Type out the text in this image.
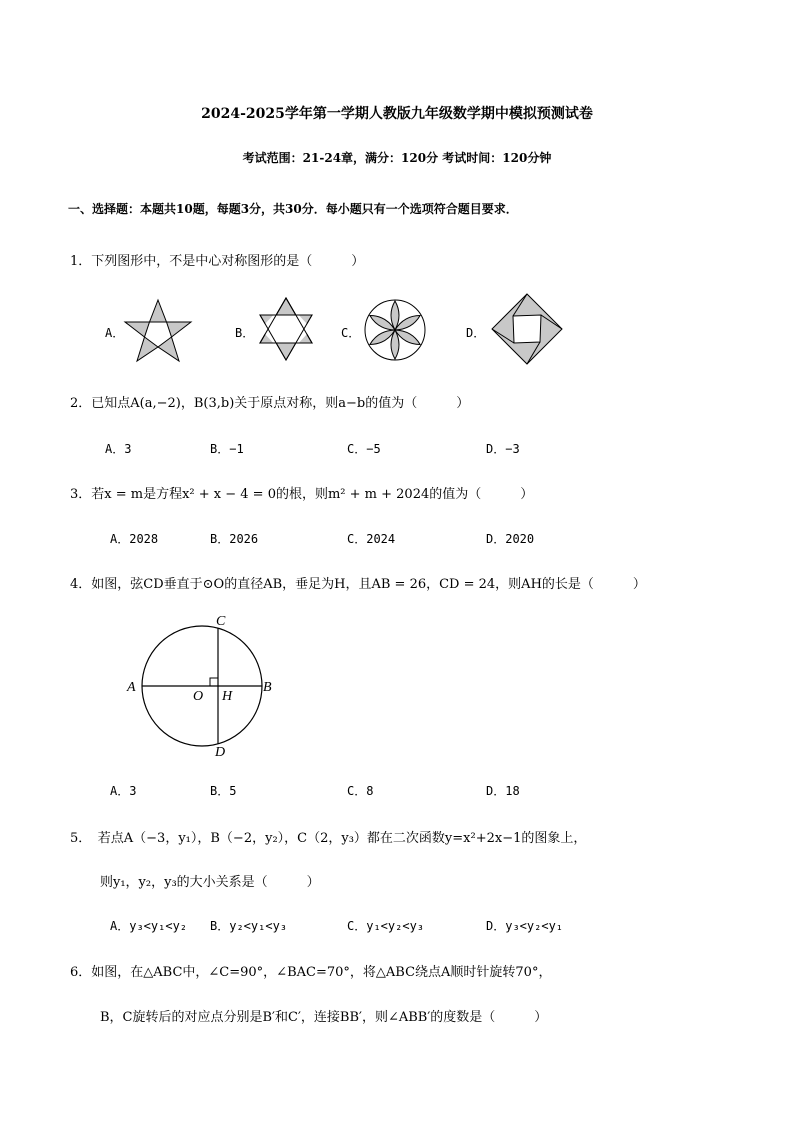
2024-2025学年第一学期人教版九年级数学期中模拟预测试卷
考试范围：21-24章，满分：120分 考试时间：120分钟
一、选择题：本题共10题，每题3分，共30分．每小题只有一个选项符合题目要求．
1．下列图形中，不是中心对称图形的是（　　　）
A．	B．	C．	D．
2．已知点A(a,−2)，B(3,b)关于原点对称，则a−b的值为（　　　）
A．3	B．−1	C．−5	D．−3
3．若x = m是方程x² + x − 4 = 0的根，则m² + m + 2024的值为（　　　）
A．2028	B．2026	C．2024	D．2020
4．如图，弦CD垂直于⊙O的直径AB，垂足为H，且AB = 26，CD = 24，则AH的长是（　　　）
C
A	B
O H
D
A．3	B．5	C．8	D．18
5．　若点A（−3，y₁），B（−2，y₂），C（2，y₃）都在二次函数y=x²+2x−1的图象上，
则y₁，y₂，y₃的大小关系是（　　　）
A．y₃<y₁<y₂ B．y₂<y₁<y₃	C．y₁<y₂<y₃	D．y₃<y₂<y₁
6．如图，在△ABC中，∠C=90°，∠BAC=70°，将△ABC绕点A顺时针旋转70°，
B，C旋转后的对应点分别是B′和C′，连接BB′，则∠ABB′的度数是（　　　）
